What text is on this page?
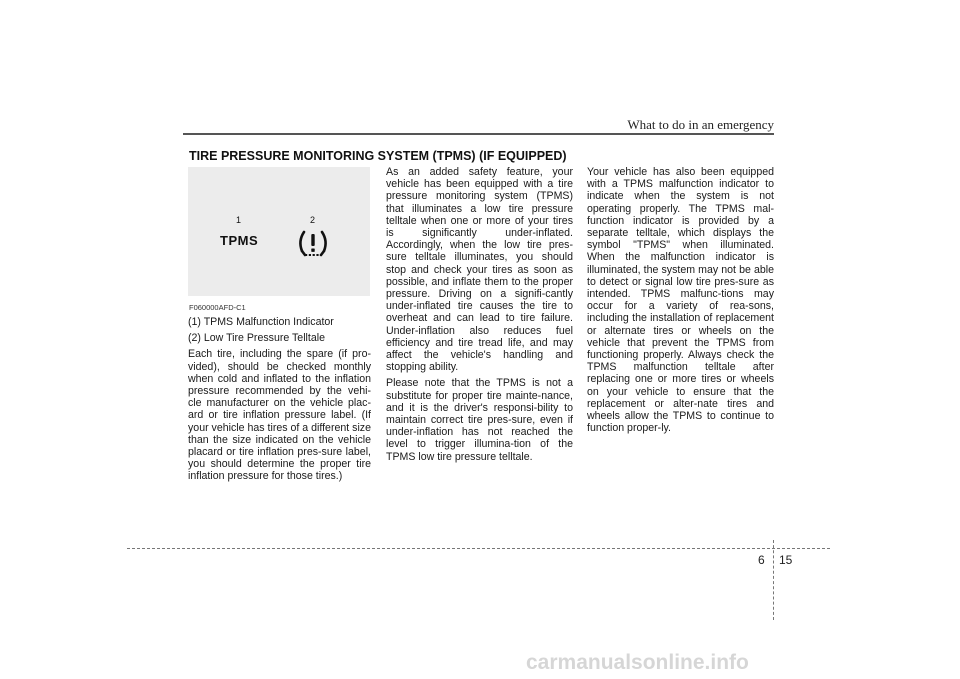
What to do in an emergency
TIRE PRESSURE MONITORING SYSTEM (TPMS) (IF EQUIPPED)
1	2
TPMS
F060000AFD-C1

(1) TPMS Malfunction Indicator

(2) Low Tire Pressure Telltale

Each tire, including the spare (if pro-vided), should be checked monthly when cold and inflated to the inflation pressure recommended by the vehi-cle manufacturer on the vehicle plac-ard or tire inflation pressure label. (If your vehicle has tires of a different size than the size indicated on the vehicle placard or tire inflation pres-sure label, you should determine the proper tire inflation pressure for those tires.)

As an added safety feature, your vehicle has been equipped with a tire pressure monitoring system (TPMS) that illuminates a low tire pressure telltale when one or more of your tires is significantly under-inflated. Accordingly, when the low tire pres-sure telltale illuminates, you should stop and check your tires as soon as possible, and inflate them to the proper pressure. Driving on a signifi-cantly under-inflated tire causes the tire to overheat and can lead to tire failure. Under-inflation also reduces fuel efficiency and tire tread life, and may affect the vehicle's handling and stopping ability.

Please note that the TPMS is not a substitute for proper tire mainte-nance, and it is the driver's responsi-bility to maintain correct tire pres-sure, even if under-inflation has not reached the level to trigger illumina-tion of the TPMS low tire pressure telltale.

Your vehicle has also been equipped with a TPMS malfunction indicator to indicate when the system is not operating properly. The TPMS mal-function indicator is provided by a separate telltale, which displays the symbol "TPMS" when illuminated. When the malfunction indicator is illuminated, the system may not be able to detect or signal low tire pres-sure as intended. TPMS malfunc-tions may occur for a variety of rea-sons, including the installation of replacement or alternate tires or wheels on the vehicle that prevent the TPMS from functioning properly. Always check the TPMS malfunction telltale after replacing one or more tires or wheels on your vehicle to ensure that the replacement or alter-nate tires and wheels allow the TPMS to continue to function proper-ly.

6 15
carmanualsonline.info
